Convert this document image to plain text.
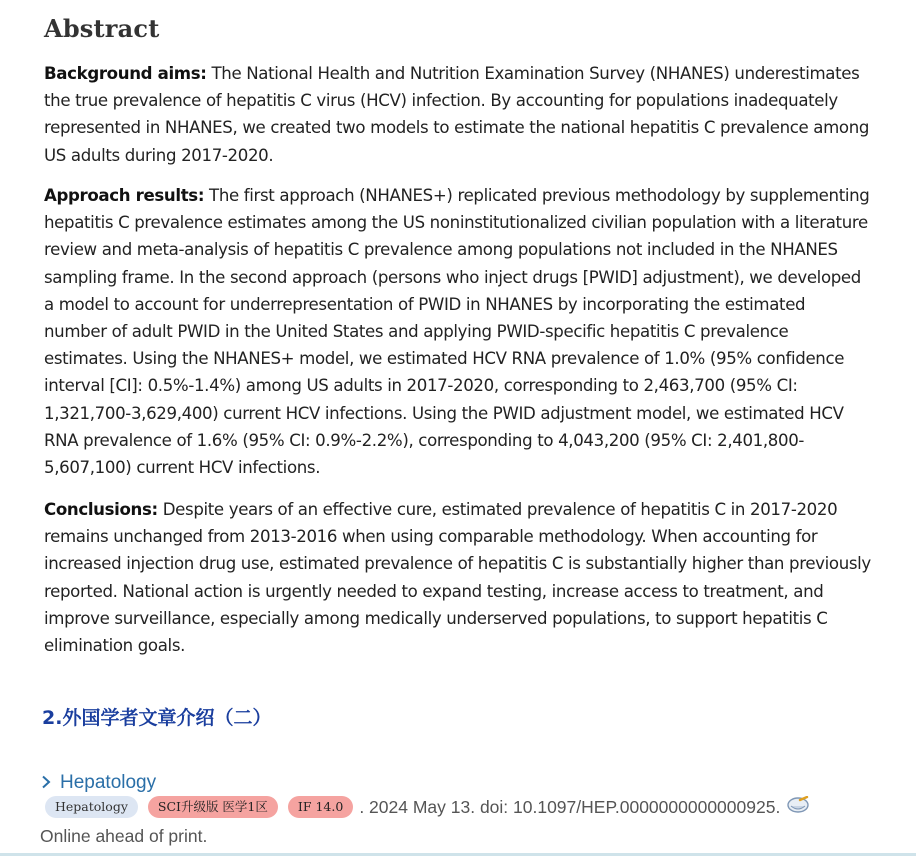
Abstract
Background aims: The National Health and Nutrition Examination Survey (NHANES) underestimates the true prevalence of hepatitis C virus (HCV) infection. By accounting for populations inadequately represented in NHANES, we created two models to estimate the national hepatitis C prevalence among US adults during 2017-2020.
Approach results: The first approach (NHANES+) replicated previous methodology by supplementing hepatitis C prevalence estimates among the US noninstitutionalized civilian population with a literature review and meta-analysis of hepatitis C prevalence among populations not included in the NHANES sampling frame. In the second approach (persons who inject drugs [PWID] adjustment), we developed a model to account for underrepresentation of PWID in NHANES by incorporating the estimated number of adult PWID in the United States and applying PWID-specific hepatitis C prevalence estimates. Using the NHANES+ model, we estimated HCV RNA prevalence of 1.0% (95% confidence interval [CI]: 0.5%-1.4%) among US adults in 2017-2020, corresponding to 2,463,700 (95% CI: 1,321,700-3,629,400) current HCV infections. Using the PWID adjustment model, we estimated HCV RNA prevalence of 1.6% (95% CI: 0.9%-2.2%), corresponding to 4,043,200 (95% CI: 2,401,800-5,607,100) current HCV infections.
Conclusions: Despite years of an effective cure, estimated prevalence of hepatitis C in 2017-2020 remains unchanged from 2013-2016 when using comparable methodology. When accounting for increased injection drug use, estimated prevalence of hepatitis C is substantially higher than previously reported. National action is urgently needed to expand testing, increase access to treatment, and improve surveillance, especially among medically underserved populations, to support hepatitis C elimination goals.
2.外国学者文章介绍（二）
Hepatology
Hepatology	SCI升级版 医学1区	IF 14.0 . 2024 May 13. doi: 10.1097/HEP.0000000000000925.
Online ahead of print.
